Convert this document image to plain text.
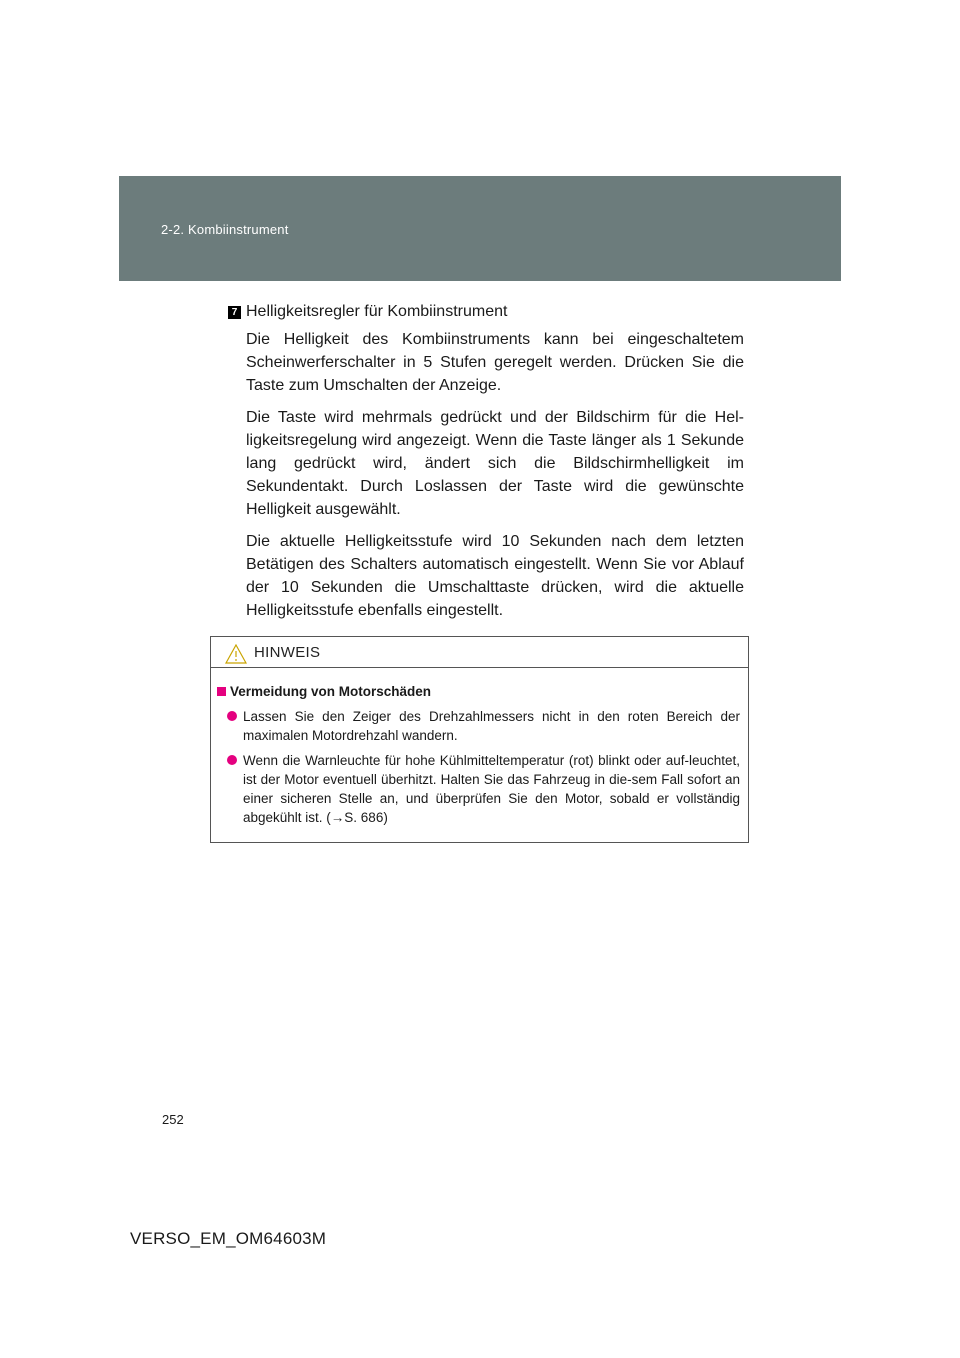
2-2. Kombiinstrument

7 Helligkeitsregler für Kombiinstrument

Die Helligkeit des Kombiinstruments kann bei eingeschaltetem Scheinwerferschalter in 5 Stufen geregelt werden. Drücken Sie die Taste zum Umschalten der Anzeige.

Die Taste wird mehrmals gedrückt und der Bildschirm für die Hel-ligkeitsregelung wird angezeigt. Wenn die Taste länger als 1 Sekunde lang gedrückt wird, ändert sich die Bildschirmhelligkeit im Sekundentakt. Durch Loslassen der Taste wird die gewünschte Helligkeit ausgewählt.

Die aktuelle Helligkeitsstufe wird 10 Sekunden nach dem letzten Betätigen des Schalters automatisch eingestellt. Wenn Sie vor Ablauf der 10 Sekunden die Umschalttaste drücken, wird die aktuelle Helligkeitsstufe ebenfalls eingestellt.

HINWEIS

Vermeidung von Motorschäden

Lassen Sie den Zeiger des Drehzahlmessers nicht in den roten Bereich der maximalen Motordrehzahl wandern.

Wenn die Warnleuchte für hohe Kühlmitteltemperatur (rot) blinkt oder auf-leuchtet, ist der Motor eventuell überhitzt. Halten Sie das Fahrzeug in die-sem Fall sofort an einer sicheren Stelle an, und überprüfen Sie den Motor, sobald er vollständig abgekühlt ist. (→S. 686)

252
VERSO_EM_OM64603M
